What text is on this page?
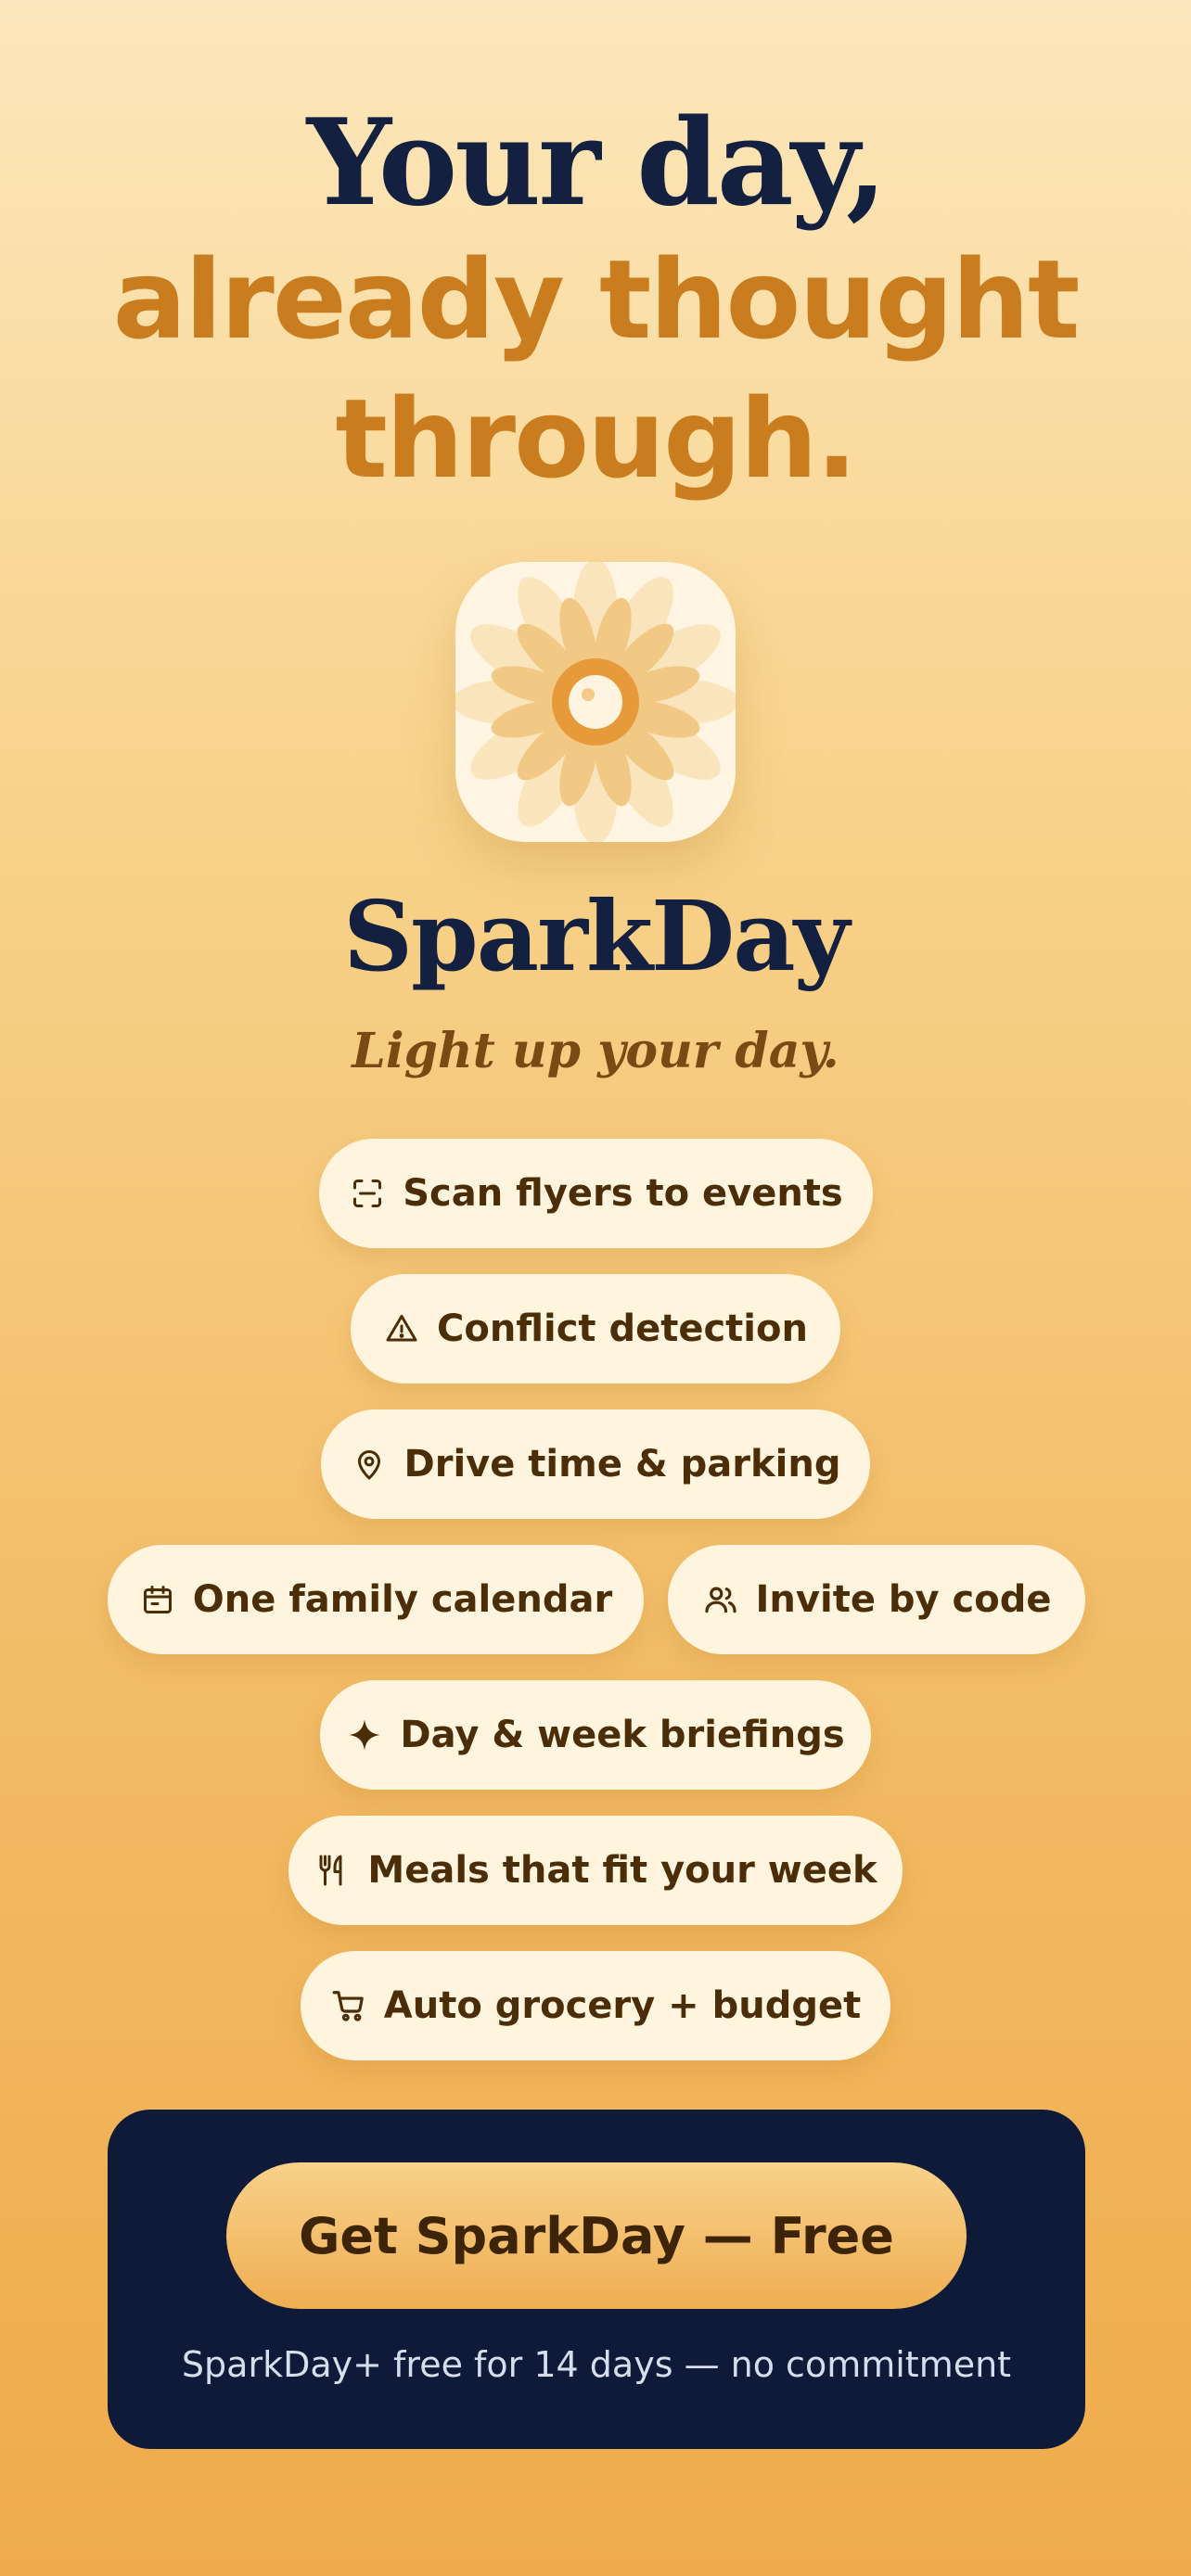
Your day,
already thought
through.
SparkDay
Light up your day.
Scan flyers to events
Conflict detection
Drive time & parking
One family calendar	Invite by code
Day & week briefings
Meals that fit your week
Auto grocery + budget
Get SparkDay — Free
SparkDay+ free for 14 days — no commitment
